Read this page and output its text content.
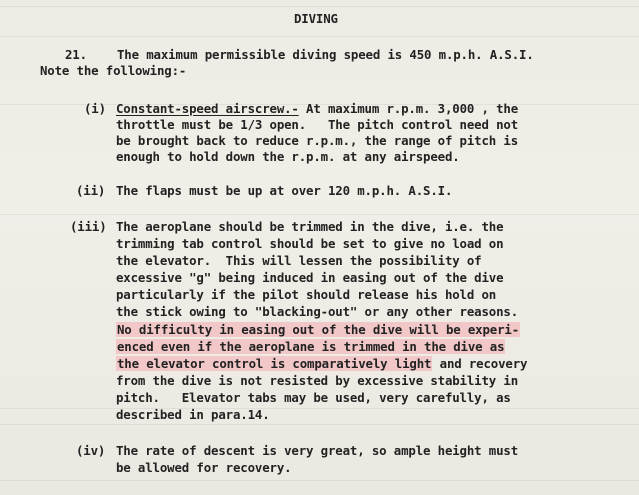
DIVING
21. The maximum permissible diving speed is 450 m.p.h. A.S.I.
Note the following:-
(i) Constant-speed airscrew.- At maximum r.p.m. 3,000 , the
throttle must be 1/3 open.   The pitch control need not
be brought back to reduce r.p.m., the range of pitch is
enough to hold down the r.p.m. at any airspeed.
(ii) The flaps must be up at over 120 m.p.h. A.S.I.
(iii) The aeroplane should be trimmed in the dive, i.e. the
trimming tab control should be set to give no load on
the elevator.  This will lessen the possibility of
excessive "g" being induced in easing out of the dive
particularly if the pilot should release his hold on
the stick owing to "blacking-out" or any other reasons.
No difficulty in easing out of the dive will be experi-
enced even if the aeroplane is trimmed in the dive as
the elevator control is comparatively light and recovery
from the dive is not resisted by excessive stability in
pitch.   Elevator tabs may be used, very carefully, as
described in para.14.
(iv) The rate of descent is very great, so ample height must
be allowed for recovery.
